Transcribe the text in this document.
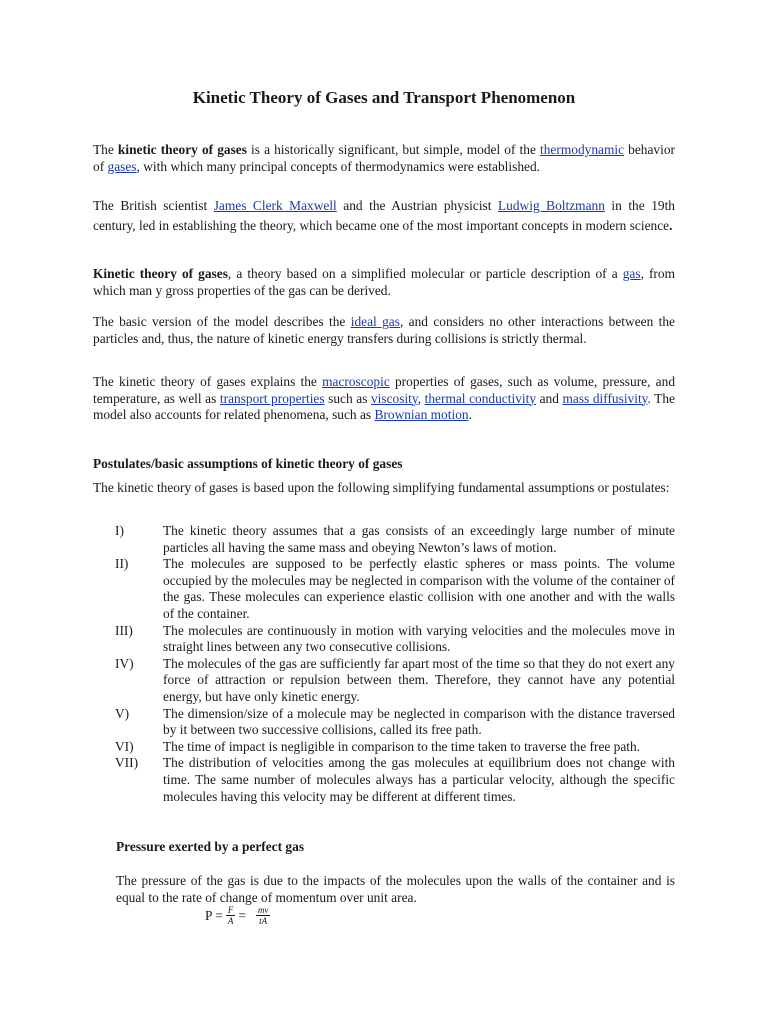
Kinetic Theory of Gases and Transport Phenomenon

The kinetic theory of gases is a historically significant, but simple, model of the thermodynamic behavior of gases, with which many principal concepts of thermodynamics were established.

The British scientist James Clerk Maxwell and the Austrian physicist Ludwig Boltzmann in the 19th century, led in establishing the theory, which became one of the most important concepts in modern science.

Kinetic theory of gases, a theory based on a simplified molecular or particle description of a gas, from which man y gross properties of the gas can be derived.

The basic version of the model describes the ideal gas, and considers no other interactions between the particles and, thus, the nature of kinetic energy transfers during collisions is strictly thermal.

The kinetic theory of gases explains the macroscopic properties of gases, such as volume, pressure, and temperature, as well as transport properties such as viscosity, thermal conductivity and mass diffusivity. The model also accounts for related phenomena, such as Brownian motion.

Postulates/basic assumptions of kinetic theory of gases

The kinetic theory of gases is based upon the following simplifying fundamental assumptions or postulates:

I)	The kinetic theory assumes that a gas consists of an exceedingly large number of minute particles all having the same mass and obeying Newton’s laws of motion.
II)	The molecules are supposed to be perfectly elastic spheres or mass points. The volume occupied by the molecules may be neglected in comparison with the volume of the container of the gas. These molecules can experience elastic collision with one another and with the walls of the container.
III)	The molecules are continuously in motion with varying velocities and the molecules move in straight lines between any two consecutive collisions.
IV)	The molecules of the gas are sufficiently far apart most of the time so that they do not exert any force of attraction or repulsion between them. Therefore, they cannot have any potential energy, but have only kinetic energy.
V)	The dimension/size of a molecule may be neglected in comparison with the distance traversed by it between two successive collisions, called its free path.
VI)	The time of impact is negligible in comparison to the time taken to traverse the free path.
VII)	The distribution of velocities among the gas molecules at equilibrium does not change with time. The same number of molecules always has a particular velocity, although the specific molecules having this velocity may be different at different times.

Pressure exerted by a perfect gas

The pressure of the gas is due to the impacts of the molecules upon the walls of the container and is equal to the rate of change of momentum over unit area.

$P = \frac{F}{A} = \frac{mv}{tA}$
